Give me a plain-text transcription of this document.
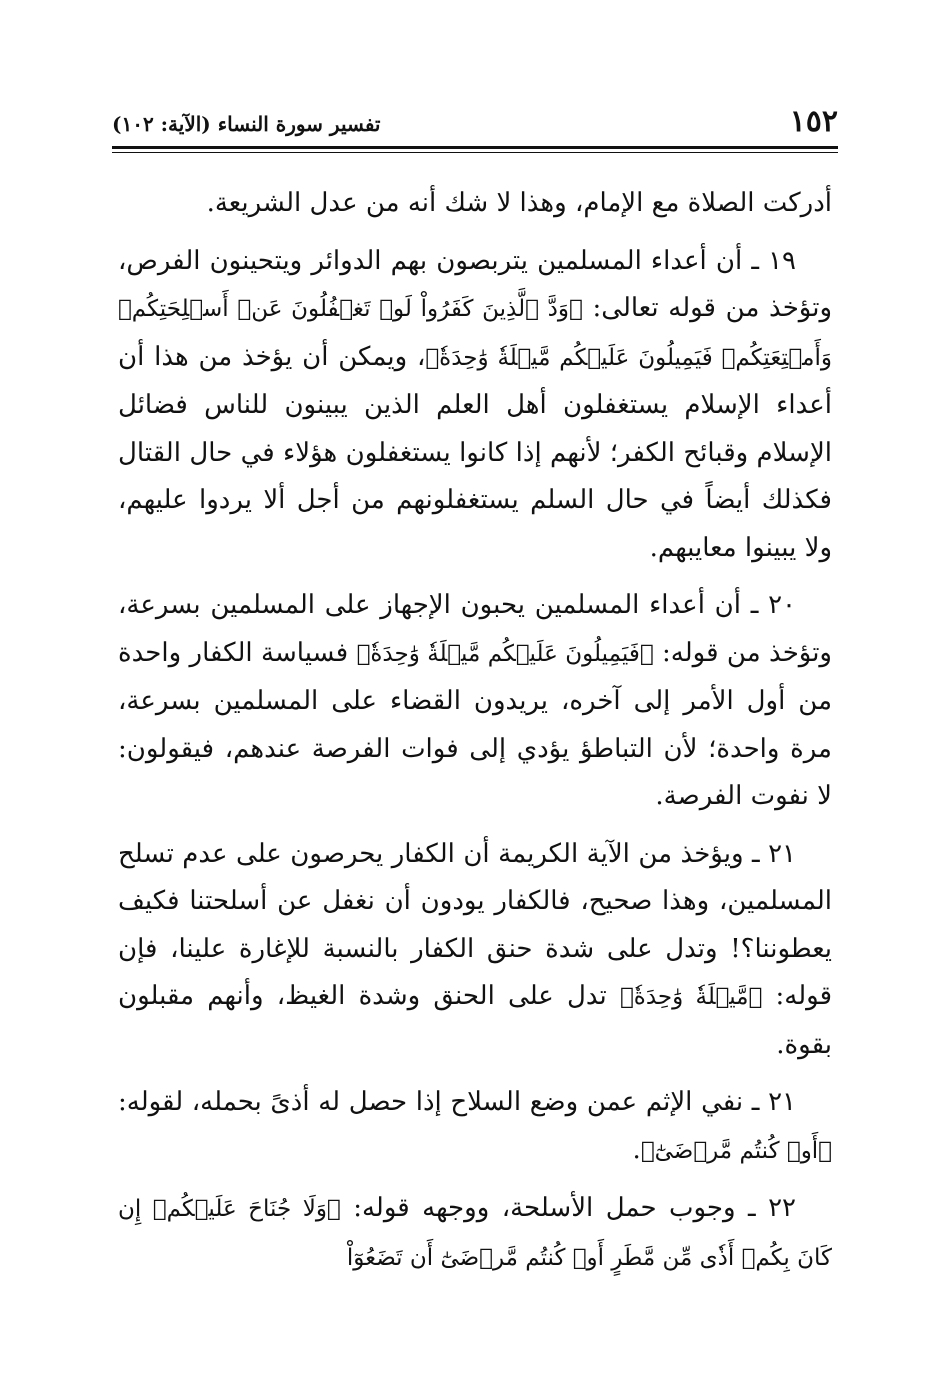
١٥٢
تفسير سورة النساء (الآية: ١٠٢)

أدركت الصلاة مع الإمام، وهذا لا شك أنه من عدل الشريعة.

١٩ ـ أن أعداء المسلمين يتربصون بهم الدوائر ويتحينون الفرص، وتؤخذ من قوله تعالى: ﴿وَدَّ ٱلَّذِينَ كَفَرُواْ لَوۡ تَغۡفُلُونَ عَنۡ أَسۡلِحَتِكُمۡ وَأَمۡتِعَتِكُمۡ فَيَمِيلُونَ عَلَيۡكُم مَّيۡلَةٗ وَٰحِدَةٗ﴾، ويمكن أن يؤخذ من هذا أن أعداء الإسلام يستغفلون أهل العلم الذين يبينون للناس فضائل الإسلام وقبائح الكفر؛ لأنهم إذا كانوا يستغفلون هؤلاء في حال القتال فكذلك أيضاً في حال السلم يستغفلونهم من أجل ألا يردوا عليهم، ولا يبينوا معايبهم.

٢٠ ـ أن أعداء المسلمين يحبون الإجهاز على المسلمين بسرعة، وتؤخذ من قوله: ﴿فَيَمِيلُونَ عَلَيۡكُم مَّيۡلَةٗ وَٰحِدَةٗ﴾ فسياسة الكفار واحدة من أول الأمر إلى آخره، يريدون القضاء على المسلمين بسرعة، مرة واحدة؛ لأن التباطؤ يؤدي إلى فوات الفرصة عندهم، فيقولون: لا نفوت الفرصة.

٢١ ـ ويؤخذ من الآية الكريمة أن الكفار يحرصون على عدم تسلح المسلمين، وهذا صحيح، فالكفار يودون أن نغفل عن أسلحتنا فكيف يعطوننا؟! وتدل على شدة حنق الكفار بالنسبة للإغارة علينا، فإن قوله: ﴿مَّيۡلَةٗ وَٰحِدَةٗ﴾ تدل على الحنق وشدة الغيظ، وأنهم مقبلون بقوة.

٢١ ـ نفي الإثم عمن وضع السلاح إذا حصل له أذىً بحمله، لقوله: ﴿أَوۡ كُنتُم مَّرۡضَىٰٓ﴾.

٢٢ ـ وجوب حمل الأسلحة، ووجهه قوله: ﴿وَلَا جُنَاحَ عَلَيۡكُمۡ إِن كَانَ بِكُمۡ أَذٗى مِّن مَّطَرٍ أَوۡ كُنتُم مَّرۡضَىٰٓ أَن تَضَعُوٓاْ
